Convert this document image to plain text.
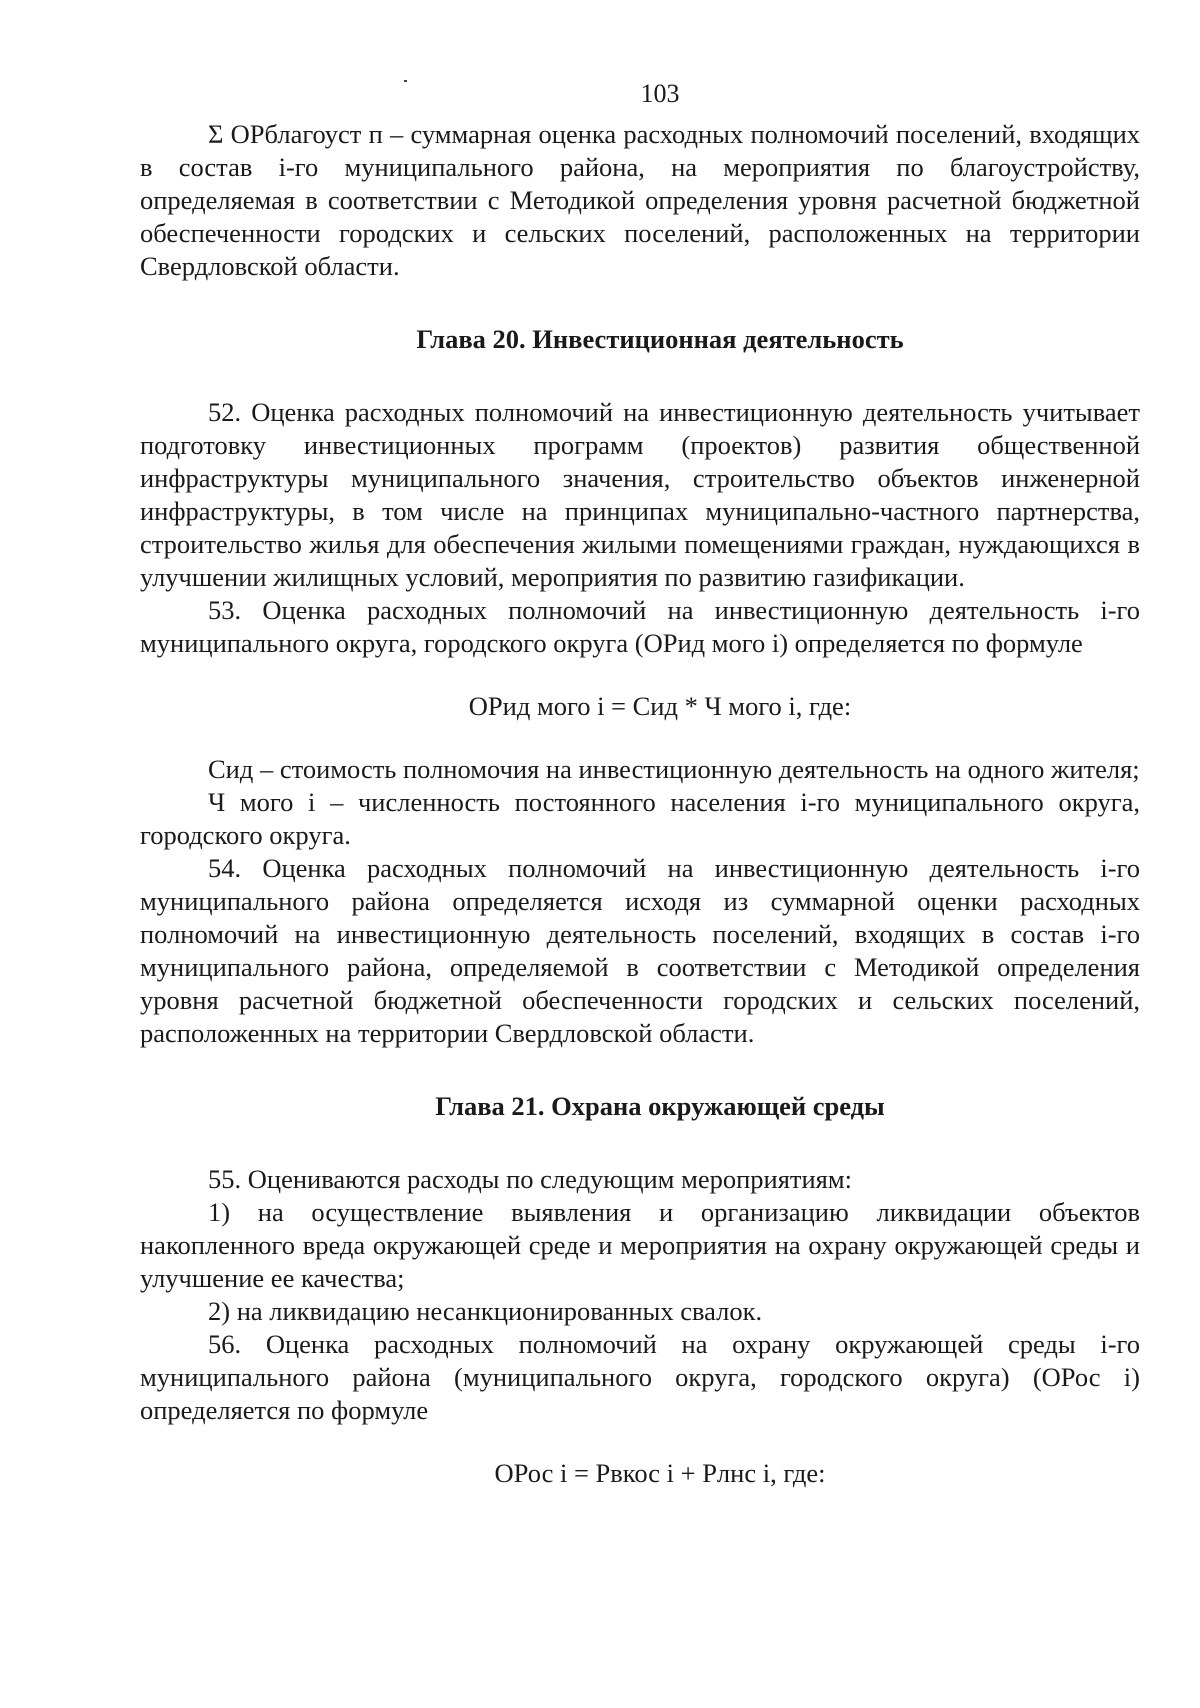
103

Σ ОРблагоуст п – суммарная оценка расходных полномочий поселений, входящих в состав i-го муниципального района, на мероприятия по благоустройству, определяемая в соответствии с Методикой определения уровня расчетной бюджетной обеспеченности городских и сельских поселений, расположенных на территории Свердловской области.

Глава 20. Инвестиционная деятельность

52. Оценка расходных полномочий на инвестиционную деятельность учитывает подготовку инвестиционных программ (проектов) развития общественной инфраструктуры муниципального значения, строительство объектов инженерной инфраструктуры, в том числе на принципах муниципально-частного партнерства, строительство жилья для обеспечения жилыми помещениями граждан, нуждающихся в улучшении жилищных условий, мероприятия по развитию газификации.

53. Оценка расходных полномочий на инвестиционную деятельность i-го муниципального округа, городского округа (ОРид мого i) определяется по формуле

ОРид мого i = Сид * Ч мого i, где:

Сид – стоимость полномочия на инвестиционную деятельность на одного жителя;

Ч мого i – численность постоянного населения i-го муниципального округа, городского округа.

54. Оценка расходных полномочий на инвестиционную деятельность i-го муниципального района определяется исходя из суммарной оценки расходных полномочий на инвестиционную деятельность поселений, входящих в состав i-го муниципального района, определяемой в соответствии с Методикой определения уровня расчетной бюджетной обеспеченности городских и сельских поселений, расположенных на территории Свердловской области.

Глава 21. Охрана окружающей среды

55. Оцениваются расходы по следующим мероприятиям:

1) на осуществление выявления и организацию ликвидации объектов накопленного вреда окружающей среде и мероприятия на охрану окружающей среды и улучшение ее качества;

2) на ликвидацию несанкционированных свалок.

56. Оценка расходных полномочий на охрану окружающей среды i-го муниципального района (муниципального округа, городского округа) (ОРос i) определяется по формуле

ОРос i = Рвкос i + Рлнс i, где:
